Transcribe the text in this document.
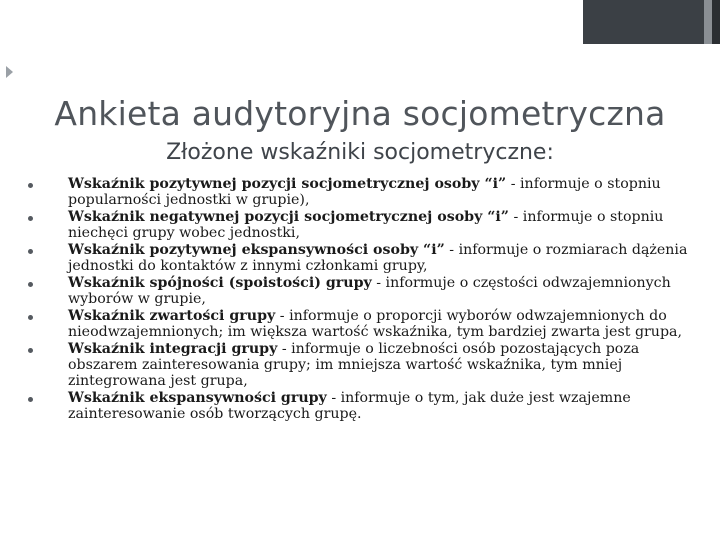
Ankieta audytoryjna socjometryczna
Złożone wskaźniki socjometryczne:
Wskaźnik pozytywnej pozycji socjometrycznej osoby “i” - informuje o stopniu popularności jednostki w grupie),
Wskaźnik negatywnej pozycji socjometrycznej osoby “i” - informuje o stopniu niechęci grupy wobec jednostki,
Wskaźnik pozytywnej ekspansywności osoby “i” - informuje o rozmiarach dążenia jednostki do kontaktów z innymi członkami grupy,
Wskaźnik spójności (spoistości) grupy - informuje o częstości odwzajemnionych wyborów w grupie,
Wskaźnik zwartości grupy - informuje o proporcji wyborów odwzajemnionych do nieodwzajemnionych; im większa wartość wskaźnika, tym bardziej zwarta jest grupa,
Wskaźnik integracji grupy - informuje o liczebności osób pozostających poza obszarem zainteresowania grupy; im mniejsza wartość wskaźnika, tym mniej zintegrowana jest grupa,
Wskaźnik ekspansywności grupy - informuje o tym, jak duże jest wzajemne zainteresowanie osób tworzących grupę.
